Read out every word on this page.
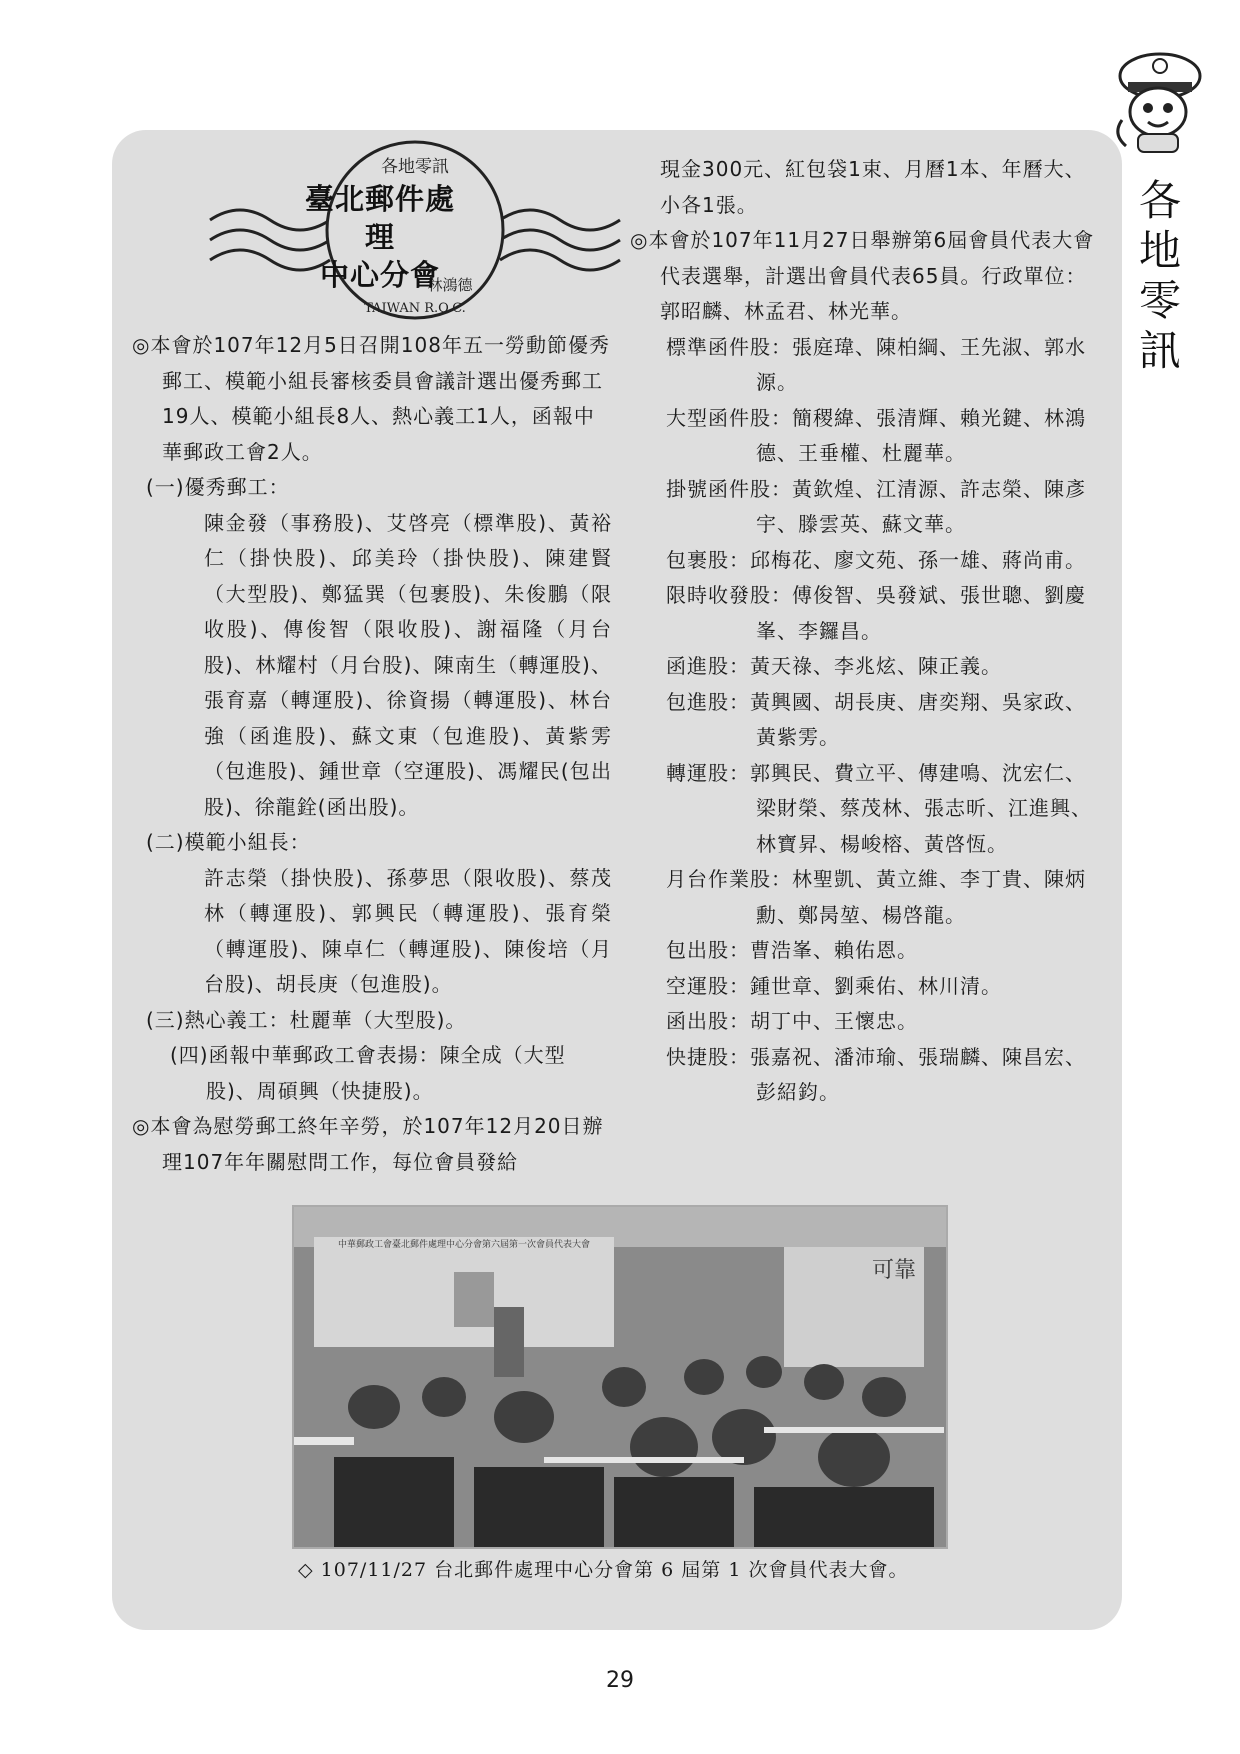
各
地
零
訊
各地零訊
林鴻德
TAIWAN R.O.C.
臺北郵件處理
中心分會

◎本會於107年12月5日召開108年五一勞動節優秀郵工、模範小組長審核委員會議計選出優秀郵工19人、模範小組長8人、熱心義工1人，函報中華郵政工會2人。

(一)優秀郵工：

陳金發（事務股)、艾啓亮（標準股)、黃裕仁（掛快股)、邱美玲（掛快股)、陳建賢（大型股)、鄭猛巽（包裹股)、朱俊鵬（限收股)、傳俊智（限收股)、謝福隆（月台股)、林耀村（月台股)、陳南生（轉運股)、張育嘉（轉運股)、徐資揚（轉運股)、林台強（函進股)、蘇文東（包進股)、黃紫雱（包進股)、鍾世章（空運股)、馮耀民(包出股)、徐龍銓(函出股)。

(二)模範小組長：

許志榮（掛快股)、孫夢思（限收股)、蔡茂林（轉運股)、郭興民（轉運股)、張育榮（轉運股)、陳卓仁（轉運股)、陳俊培（月台股)、胡長庚（包進股)。

(三)熱心義工：杜麗華（大型股)。

(四)函報中華郵政工會表揚：陳全成（大型股)、周碩興（快捷股)。

◎本會為慰勞郵工終年辛勞，於107年12月20日辦理107年年關慰問工作，每位會員發給

現金300元、紅包袋1束、月曆1本、年曆大、小各1張。

◎本會於107年11月27日舉辦第6屆會員代表大會代表選舉，計選出會員代表65員。行政單位：郭昭麟、林孟君、林光華。

標準函件股：張庭瑋、陳柏綱、王先淑、郭水源。

大型函件股：簡稷緯、張清輝、賴光鍵、林鴻德、王垂權、杜麗華。

掛號函件股：黃欽煌、江清源、許志榮、陳彥宇、滕雲英、蘇文華。

包裹股：邱梅花、廖文苑、孫一雄、蔣尚甫。

限時收發股：傅俊智、吳發斌、張世聰、劉慶峯、李鑼昌。

函進股：黃天祿、李兆炫、陳正義。

包進股：黃興國、胡長庚、唐奕翔、吳家政、黃紫雱。

轉運股：郭興民、費立平、傳建鳴、沈宏仁、梁財榮、蔡茂林、張志昕、江進興、林寶昇、楊峻榕、黃啓恆。

月台作業股：林聖凱、黃立維、李丁貴、陳炳勳、鄭昺堃、楊啓龍。

包出股：曹浩峯、賴佑恩。

空運股：鍾世章、劉乘佑、林川清。

函出股：胡丁中、王懷忠。

快捷股：張嘉祝、潘沛瑜、張瑞麟、陳昌宏、彭紹鈞。

中華郵政工會臺北郵件處理中心分會第六屆第一次會員代表大會
可靠
◇ 107/11/27 台北郵件處理中心分會第 6 屆第 1 次會員代表大會。
29
